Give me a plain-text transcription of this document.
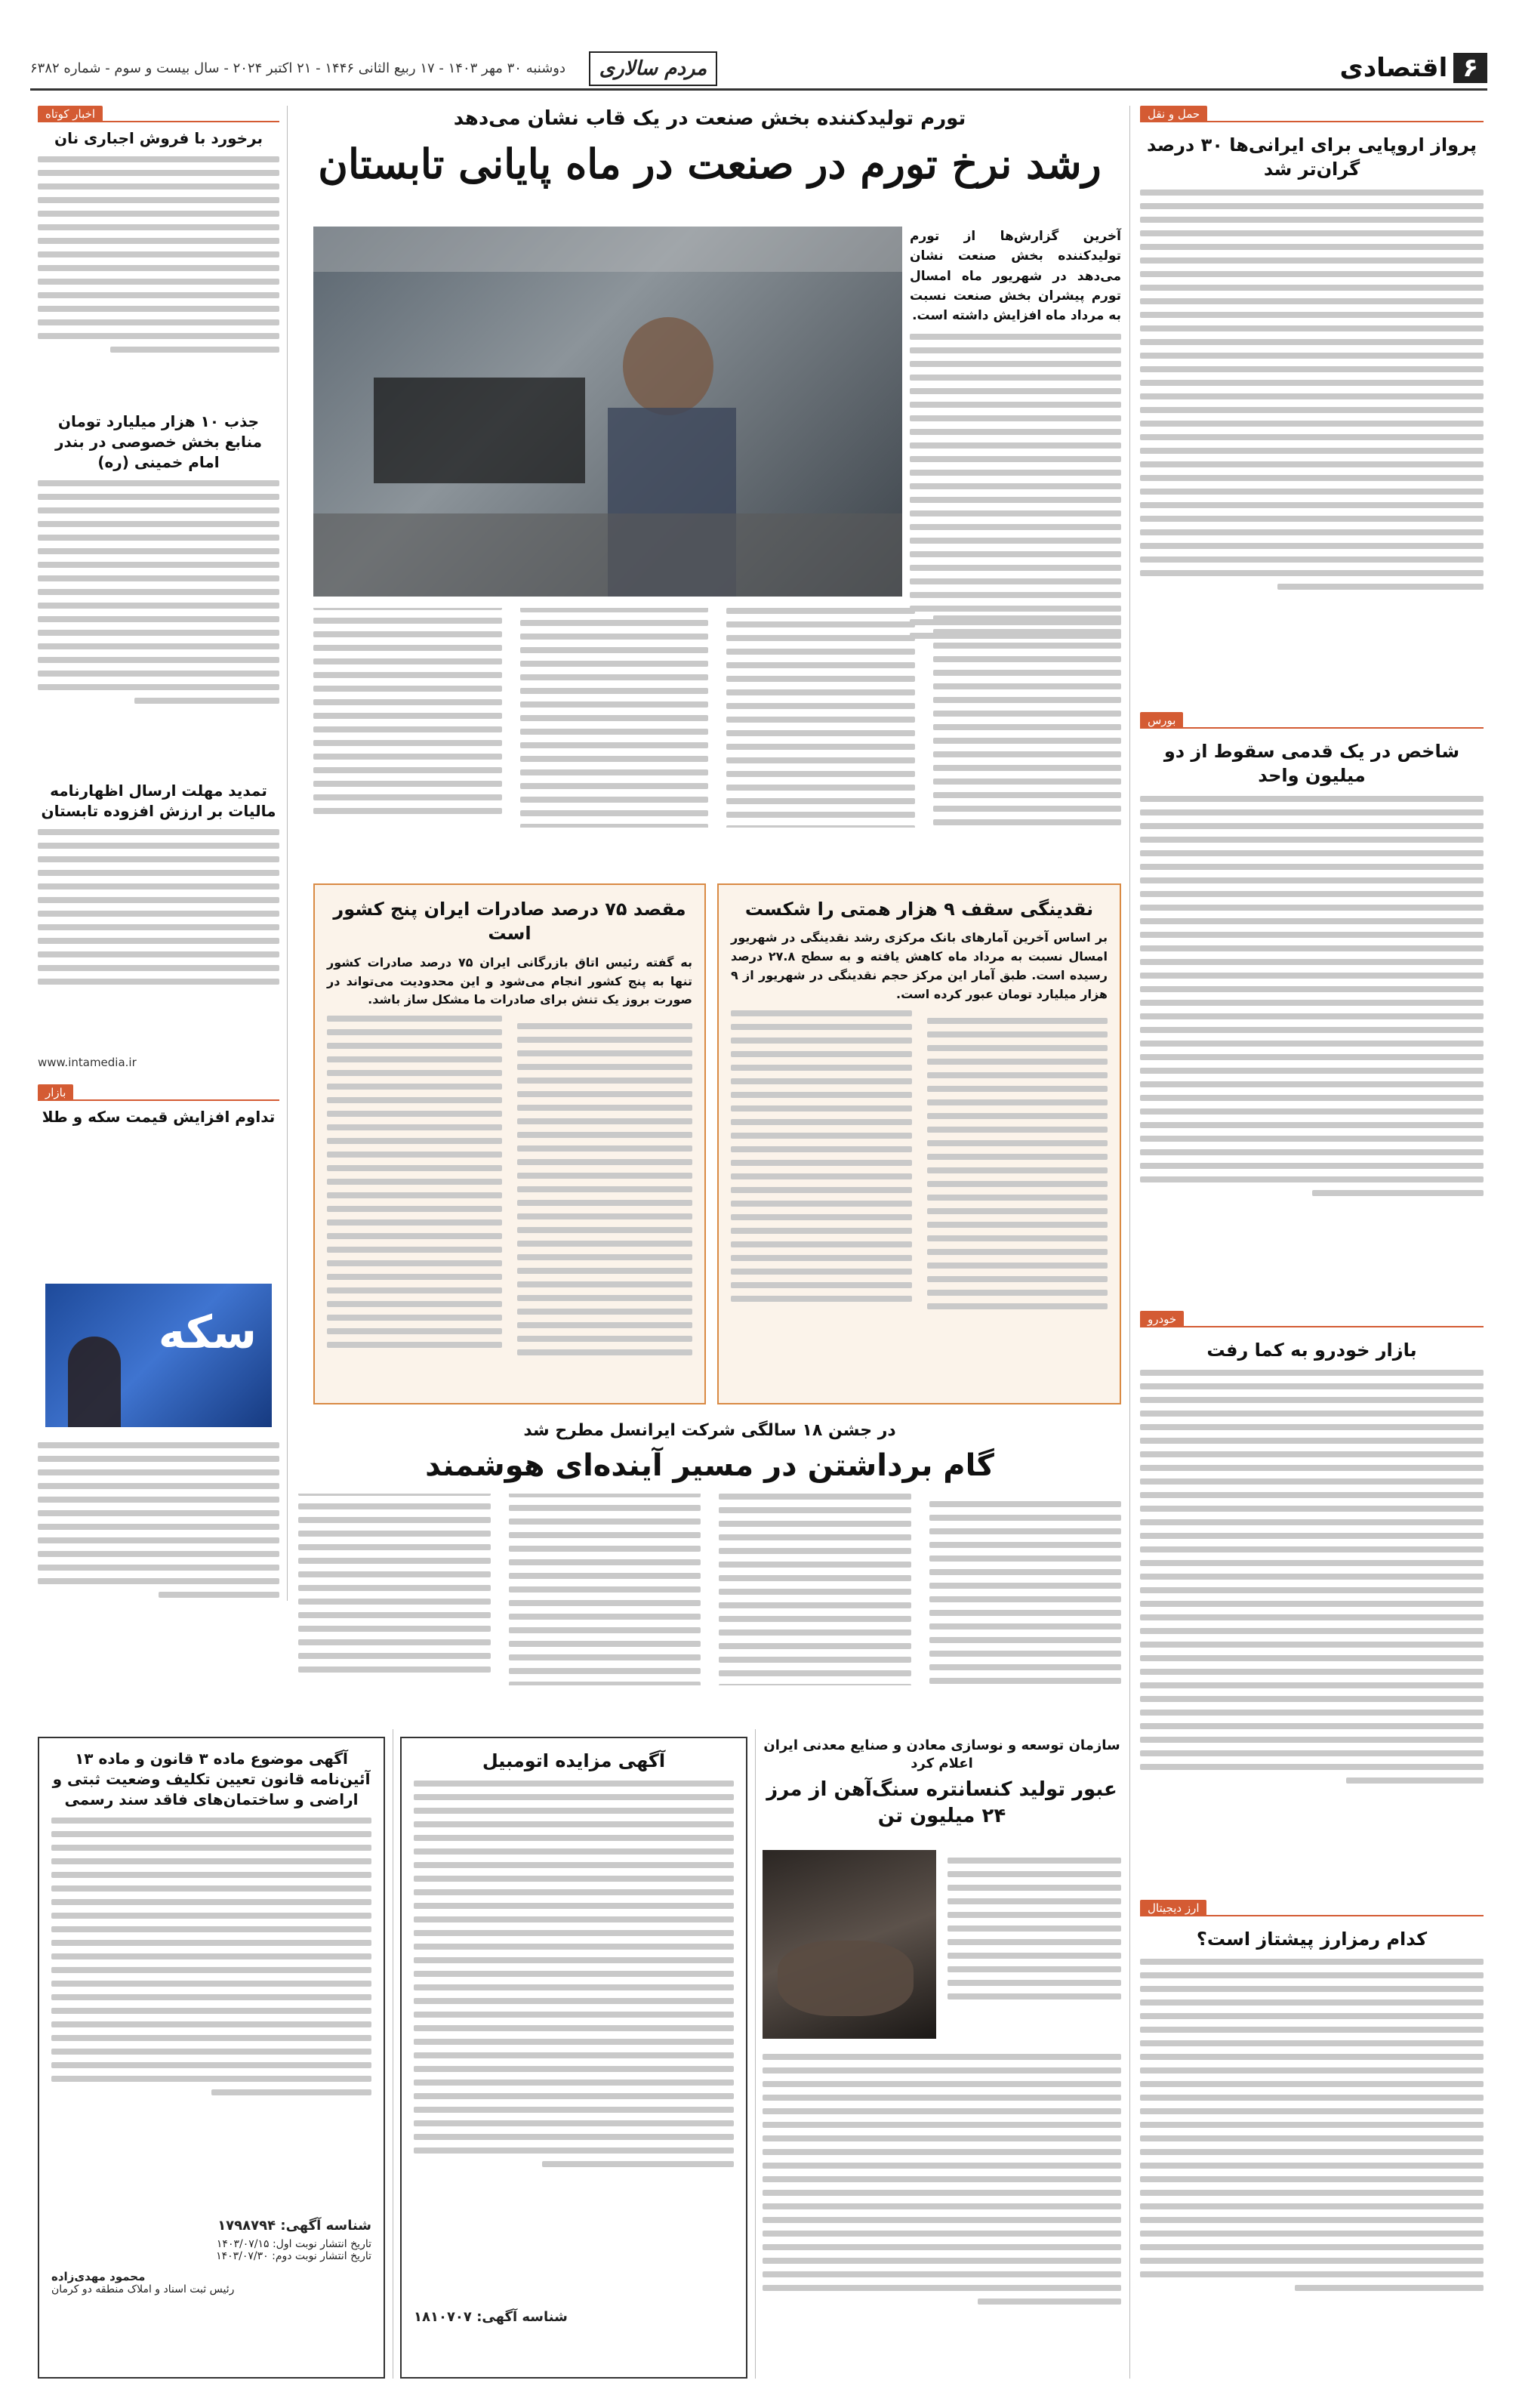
۶اقتصادی
مردم سالاری
دوشنبه ۳۰ مهر ۱۴۰۳ - ۱۷ ربیع الثانی ۱۴۴۶ - ۲۱ اکتبر ۲۰۲۴ - سال بیست و سوم - شماره ۶۳۸۲
حمل و نقل
پرواز اروپایی برای ایرانی‌ها ۳۰ درصد گران‌تر شد
بورس
شاخص در یک قدمی سقوط از دو میلیون واحد
خودرو
بازار خودرو به کما رفت
ارز دیجیتال
کدام رمزارز پیشتاز است؟
تورم تولیدکننده بخش صنعت در یک قاب نشان می‌دهد
رشد نرخ تورم در صنعت در ماه پایانی تابستان
آخرین گزارش‌ها از تورم تولیدکننده بخش صنعت نشان می‌دهد در شهریور ماه امسال تورم پیشران بخش صنعت نسبت به مرداد ماه افزایش داشته است.
مقصد ۷۵ درصد صادرات ایران پنج کشور است
به گفته رئیس اتاق بازرگانی ایران ۷۵ درصد صادرات کشور تنها به پنج کشور انجام می‌شود و این محدودیت می‌تواند در صورت بروز یک تنش برای صادرات ما مشکل ساز باشد.
نقدینگی سقف ۹ هزار همتی را شکست
بر اساس آخرین آمارهای بانک مرکزی رشد نقدینگی در شهریور امسال نسبت به مرداد ماه کاهش یافته و به سطح ۲۷.۸ درصد رسیده است. طبق آمار این مرکز حجم نقدینگی در شهریور از ۹ هزار میلیارد تومان عبور کرده است.
در جشن ۱۸ سالگی شرکت ایرانسل مطرح شد
گام برداشتن در مسیر آینده‌ای هوشمند
اخبار کوتاه
برخورد با فروش اجباری نان
جذب ۱۰ هزار میلیارد تومان منابع بخش خصوصی در بندر امام خمینی (ره)
تمدید مهلت ارسال اظهارنامه مالیات بر ارزش افزوده تابستان
www.intamedia.ir
بازار
تداوم افزایش قیمت سکه و طلا
سکه
سازمان توسعه و نوسازی معادن و صنایع معدنی ایران اعلام کرد
عبور تولید کنسانتره سنگ‌آهن از مرز ۲۴ میلیون تن
آگهی مزایده اتومبیل
شناسه آگهی: ۱۸۱۰۷۰۷
آگهی موضوع ماده ۳ قانون و ماده ۱۳ آئین‌نامه قانون تعیین تکلیف وضعیت ثبتی و اراضی و ساختمان‌های فاقد سند رسمی
شناسه آگهی: ۱۷۹۸۷۹۴
تاریخ انتشار نوبت اول: ۱۴۰۳/۰۷/۱۵
تاریخ انتشار نوبت دوم: ۱۴۰۳/۰۷/۳۰
محمود مهدی‌زاده
رئیس ثبت اسناد و املاک منطقه دو کرمان
